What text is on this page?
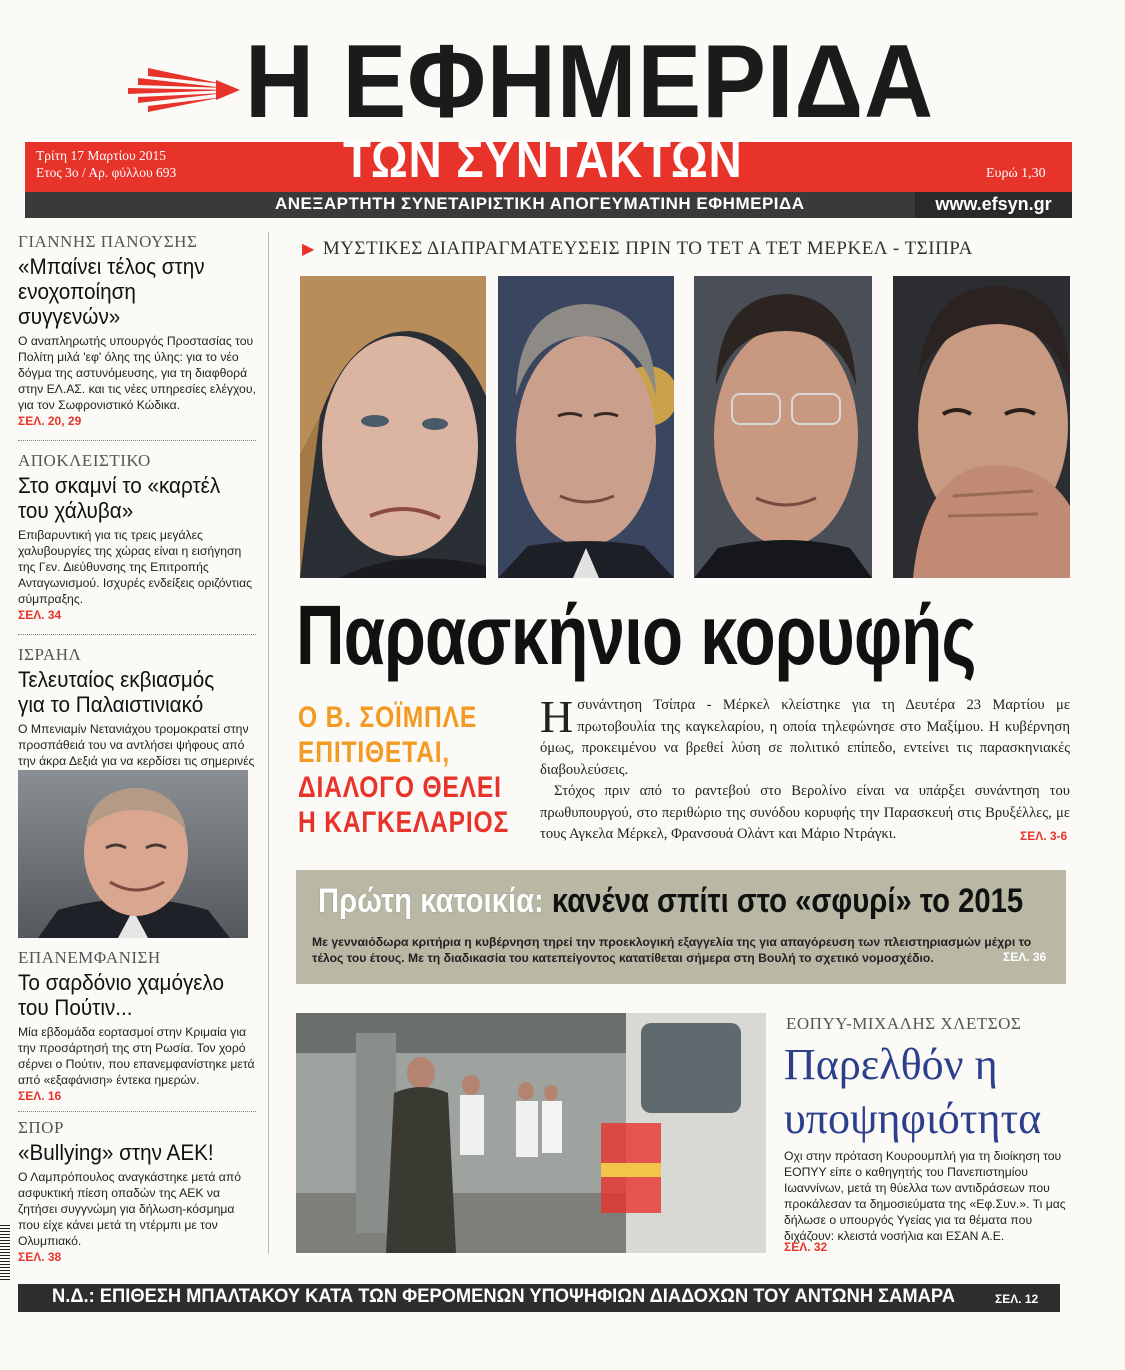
Η ΕΦΗΜΕΡΙΔΑ
Τρίτη 17 Μαρτίου 2015
Ετος 3ο / Αρ. φύλλου 693	ΤΩΝ ΣΥΝΤΑΚΤΩΝ	Ευρώ 1,30
ΑΝΕΞΑΡΤΗΤΗ ΣΥΝΕΤΑΙΡΙΣΤΙΚΗ ΑΠΟΓΕΥΜΑΤΙΝΗ ΕΦΗΜΕΡΙΔΑ	www.efsyn.gr
ΓΙΑΝΝΗΣ ΠΑΝΟΥΣΗΣ
«Μπαίνει τέλος στην ενοχοποίηση συγγενών»
Ο αναπληρωτής υπουργός Προστασίας του Πολίτη μιλά 'εφ' όλης της ύλης: για το νέο δόγμα της αστυνόμευσης, για τη διαφθορά στην ΕΛ.ΑΣ. και τις νέες υπηρεσίες ελέγχου, για τον Σωφρονιστικό Κώδικα.
ΣΕΛ. 20, 29
ΑΠΟΚΛΕΙΣΤΙΚΟ
Στο σκαμνί το «καρτέλ του χάλυβα»
Επιβαρυντική για τις τρεις μεγάλες χαλυβουργίες της χώρας είναι η εισήγηση της Γεν. Διεύθυνσης της Επιτροπής Ανταγωνισμού. Ισχυρές ενδείξεις οριζόντιας σύμπραξης.
ΣΕΛ. 34
ΙΣΡΑΗΛ
Τελευταίος εκβιασμός για το Παλαιστινιακό
Ο Μπενιαμίν Νετανιάχου τρομοκρατεί στην προσπάθειά του να αντλήσει ψήφους από την άκρα Δεξιά για να κερδίσει τις σημερινές
ΕΠΑΝΕΜΦΑΝΙΣΗ
Το σαρδόνιο χαμόγελο του Πούτιν...
Μία εβδομάδα εορτασμοί στην Κριμαία για την προσάρτησή της στη Ρωσία. Τον χορό σέρνει ο Πούτιν, που επανεμφανίστηκε μετά από «εξαφάνιση» έντεκα ημερών.
ΣΕΛ. 16
ΣΠΟΡ
«Bullying» στην ΑΕΚ!
Ο Λαμπρόπουλος αναγκάστηκε μετά από ασφυκτική πίεση οπαδών της ΑΕΚ να ζητήσει συγγνώμη για δήλωση-κόσμημα που είχε κάνει μετά τη ντέρμπι με τον Ολυμπιακό.
ΣΕΛ. 38
▶ ΜΥΣΤΙΚΕΣ ΔΙΑΠΡΑΓΜΑΤΕΥΣΕΙΣ ΠΡΙΝ ΤΟ ΤΕΤ Α ΤΕΤ ΜΕΡΚΕΛ - ΤΣΙΠΡΑ
Παρασκήνιο κορυφής
Ο Β. ΣΟΪΜΠΛΕ
ΕΠΙΤΙΘΕΤΑΙ,
ΔΙΑΛΟΓΟ ΘΕΛΕΙ
Η ΚΑΓΚΕΛΑΡΙΟΣ
Η συνάντηση Τσίπρα - Μέρκελ κλείστηκε για τη Δευτέρα 23 Μαρτίου με πρωτοβουλία της καγκελαρίου, η οποία τηλεφώνησε στο Μαξίμου. Η κυβέρνηση όμως, προκειμένου να βρεθεί λύση σε πολιτικό επίπεδο, εντείνει τις παρασκηνιακές διαβουλεύσεις.
Στόχος πριν από το ραντεβού στο Βερολίνο είναι να υπάρξει συνάντηση του πρωθυπουργού, στο περιθώριο της συνόδου κορυφής την Παρασκευή στις Βρυξέλλες, με τους Αγκελα Μέρκελ, Φρανσουά Ολάντ και Μάριο Ντράγκι.	ΣΕΛ. 3-6
Πρώτη κατοικία: κανένα σπίτι στο «σφυρί» το 2015
Με γενναιόδωρα κριτήρια η κυβέρνηση τηρεί την προεκλογική εξαγγελία της για απαγόρευση των πλειστηριασμών μέχρι το τέλος του έτους. Με τη διαδικασία του κατεπείγοντος κατατίθεται σήμερα στη Βουλή το σχετικό νομοσχέδιο.	ΣΕΛ. 36
ΕΟΠΥΥ-ΜΙΧΑΛΗΣ ΧΛΕΤΣΟΣ
Παρελθόν η υποψηφιότητα
Οχι στην πρόταση Κουρουμπλή για τη διοίκηση του ΕΟΠΥΥ είπε ο καθηγητής του Πανεπιστημίου Ιωαννίνων, μετά τη θύελλα των αντιδράσεων που προκάλεσαν τα δημοσιεύματα της «Εφ.Συν.». Τι μας δήλωσε ο υπουργός Υγείας για τα θέματα που διχάζουν: κλειστά νοσήλια και ΕΣΑΝ Α.Ε.
ΣΕΛ. 32
Ν.Δ.: ΕΠΙΘΕΣΗ ΜΠΑΛΤΑΚΟΥ ΚΑΤΑ ΤΩΝ ΦΕΡΟΜΕΝΩΝ ΥΠΟΨΗΦΙΩΝ ΔΙΑΔΟΧΩΝ ΤΟΥ ΑΝΤΩΝΗ ΣΑΜΑΡΑ	ΣΕΛ. 12
